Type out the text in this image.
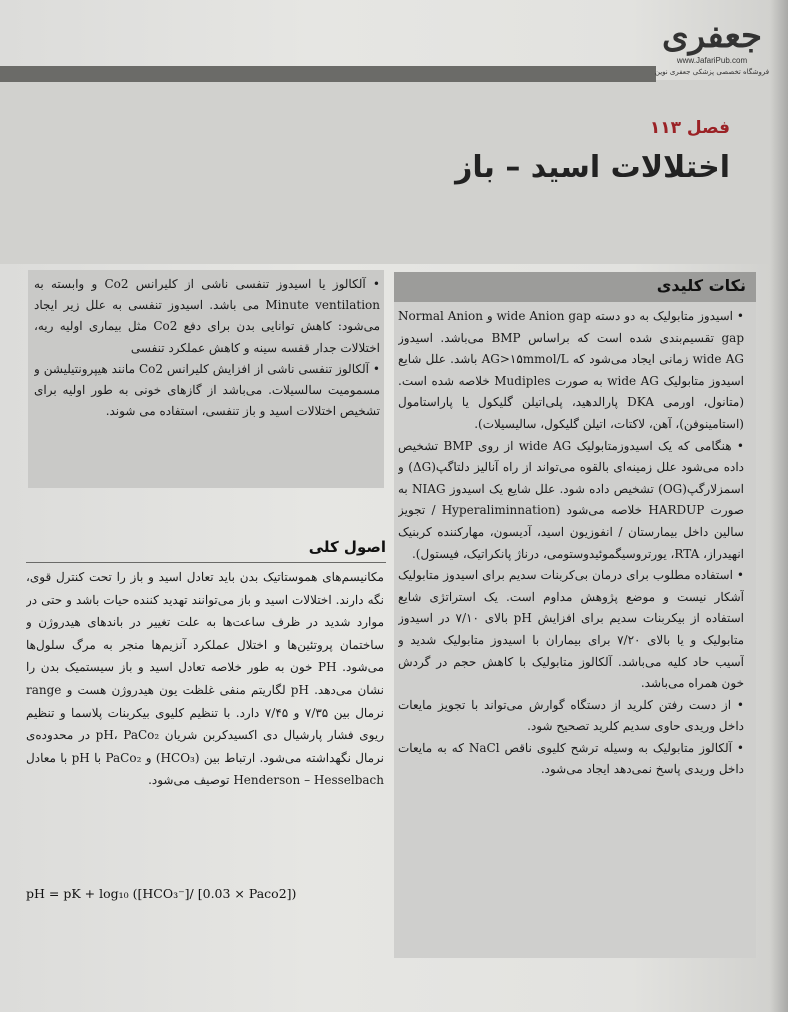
جعفری
www.JafariPub.com
فروشگاه تخصصی پزشکی جعفری نوین
فصل ۱۱۳
اختلالات اسید – باز
نکات کلیدی

• اسیدوز متابولیک به دو دسته wide Anion gap و Normal Anion gap تقسیم‌بندی شده است که براساس BMP می‌باشد. اسیدوز wide AG زمانی ایجاد می‌شود که AG>۱۵mmol/L باشد. علل شایع اسیدوز متابولیک wide AG به صورت Mudiples خلاصه شده است. (متانول، اورمی DKA پارالدهید، پلی‌اتیلن گلیکول یا پاراستامول (استامینوفن)، آهن، لاکتات، اتیلن گلیکول، سالیسیلات).

• هنگامی که یک اسیدوزمتابولیک wide AG از روی BMP تشخیص داده می‌شود علل زمینه‌ای بالقوه می‌تواند از راه آنالیز دلتاگپ(ΔG) و اسمزلارگپ(OG) تشخیص داده شود. علل شایع یک اسیدوز NIAG به صورت HARDUP خلاصه می‌شود (Hyperaliminnation / تجویز سالین داخل بیمارستان / انفوزیون اسید، آدیسون، مهارکننده کربنیک انهیدراز، RTA، یورتروسیگموئیدوستومی، درناژ پانکراتیک، فیستول).

• استفاده مطلوب برای درمان بی‌کربنات سدیم برای اسیدوز متابولیک آشکار نیست و موضع پژوهش مداوم است. یک استراتژی شایع استفاده از بیکربنات سدیم برای افزایش pH بالای ۷/۱۰ در اسیدوز متابولیک و یا بالای ۷/۲۰ برای بیماران با اسیدوز متابولیک شدید و آسیب حاد کلیه می‌باشد. آلکالوز متابولیک با کاهش حجم در گردش خون همراه می‌باشد.

• از دست رفتن کلرید از دستگاه گوارش می‌تواند با تجویز مایعات داخل وریدی حاوی سدیم کلرید تصحیح شود.

• آلکالوز متابولیک به وسیله ترشح کلیوی ناقص NaCl که به مایعات داخل وریدی پاسخ نمی‌دهد ایجاد می‌شود.

• آلکالوز یا اسیدوز تنفسی ناشی از کلیرانس Co2 و وابسته به Minute ventilation می باشد. اسیدوز تنفسی به علل زیر ایجاد می‌شود: کاهش توانایی بدن برای دفع Co2 مثل بیماری اولیه ریه، اختلالات جدار قفسه سینه و کاهش عملکرد تنفسی

• آلکالوز تنفسی ناشی از افزایش کلیرانس Co2 مانند هیپرونتیلیشن و مسمومیت سالسیلات. می‌باشد از گازهای خونی به طور اولیه برای تشخیص اختلالات اسید و باز تنفسی، استفاده می شوند.

اصول کلی
مکانیسم‌های هموستاتیک بدن باید تعادل اسید و باز را تحت کنترل قوی، نگه دارند. اختلالات اسید و باز می‌توانند تهدید کننده حیات باشد و حتی در موارد شدید در ظرف ساعت‌ها به علت تغییر در باندهای هیدروژن و ساختمان پروتئین‌ها و اختلال عملکرد آنزیم‌ها منجر به مرگ سلول‌ها می‌شود. PH خون به طور خلاصه تعادل اسید و باز سیستمیک بدن را نشان می‌دهد. pH لگاریتم منفی غلظت یون هیدروژن هست و range نرمال بین ۷/۳۵ و ۷/۴۵ دارد. با تنظیم کلیوی بیکربنات پلاسما و تنظیم ریوی فشار پارشیال دی اکسیدکربن شریان pH، PaCo₂ در محدوده‌ی نرمال نگهداشته می‌شود. ارتباط بین (HCO₃) و PaCo₂ با pH با معادل Henderson – Hesselbach توصیف می‌شود.
pH = pK + log₁₀ ([HCO₃⁻]/ [0.03 × Paco2])
